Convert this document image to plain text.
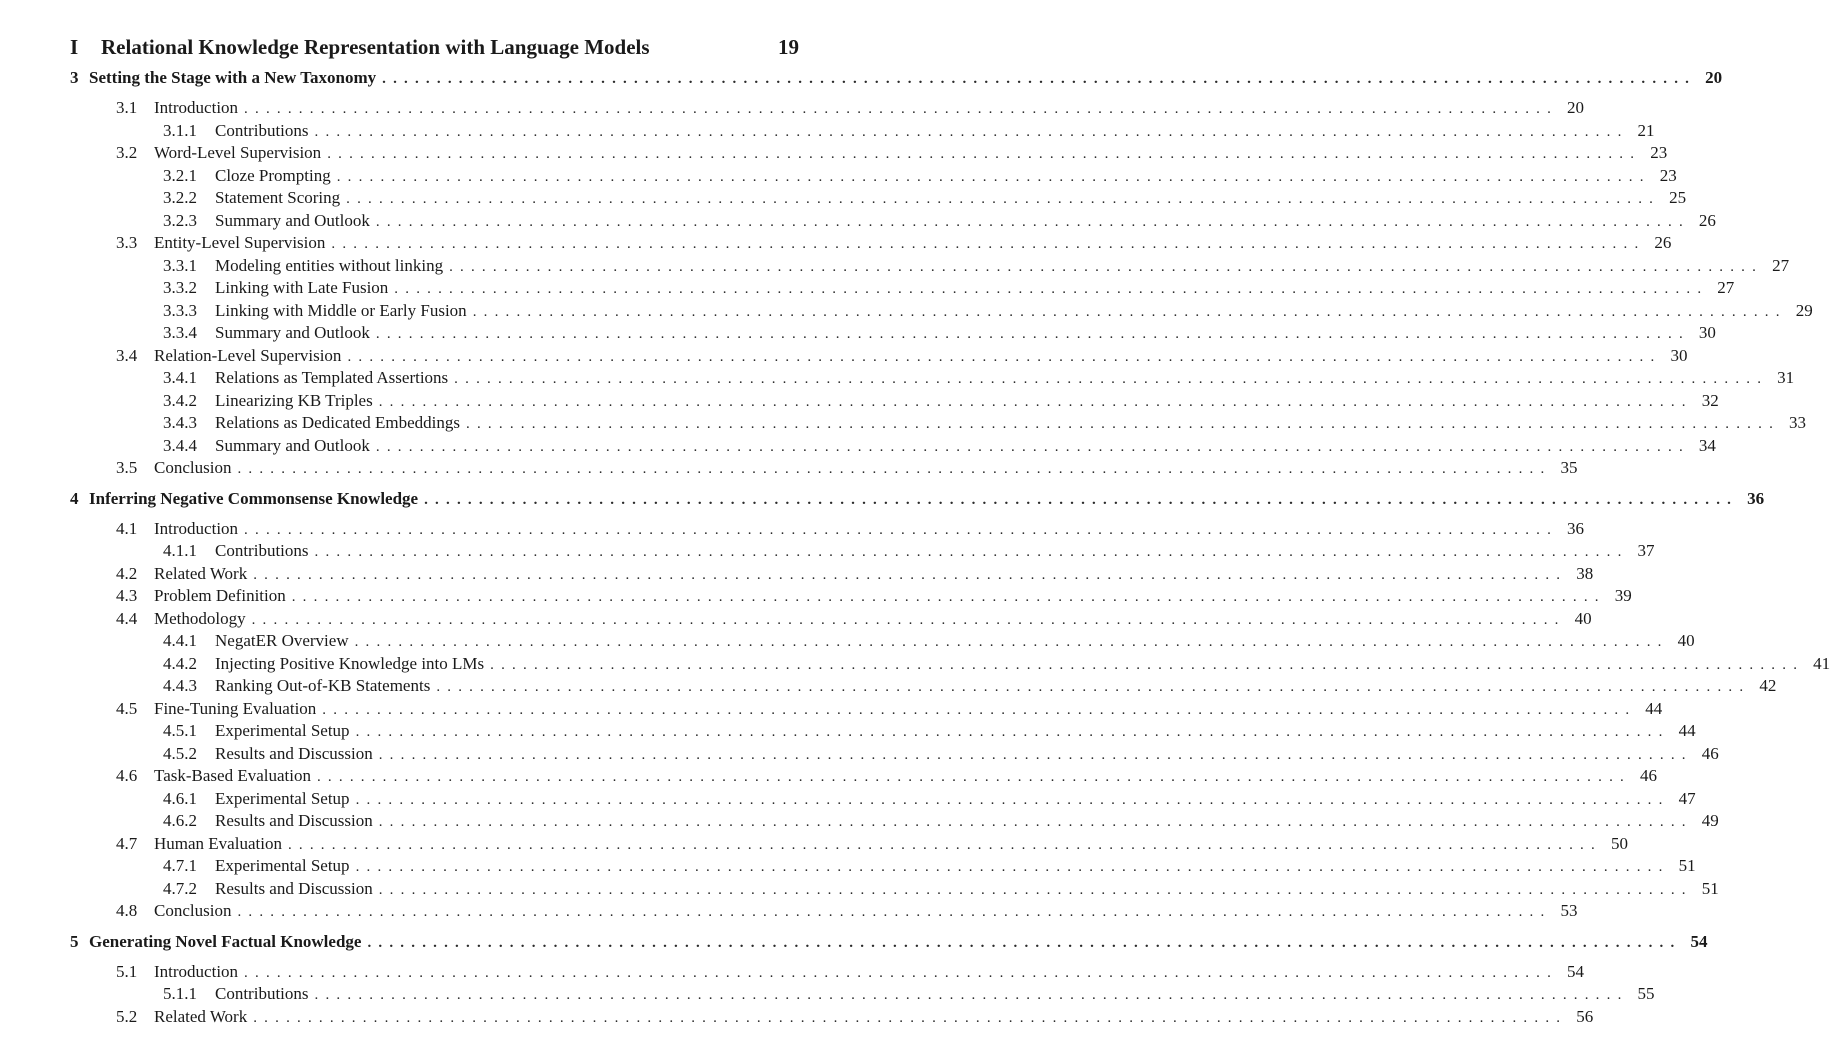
I Relational Knowledge Representation with Language Models	19
3 Setting the Stage with a New Taxonomy ........................................................................................................................ 20
3.1 Introduction ........................................................................................................................ 20
3.1.1	Contributions ........................................................................................................................ 21
3.2 Word-Level Supervision ........................................................................................................................ 23
3.2.1	Cloze Prompting ........................................................................................................................ 23
3.2.2	Statement Scoring ........................................................................................................................ 25
3.2.3	Summary and Outlook ........................................................................................................................ 26
3.3 Entity-Level Supervision ........................................................................................................................ 26
3.3.1	Modeling entities without linking ........................................................................................................................ 27
3.3.2	Linking with Late Fusion ........................................................................................................................ 27
3.3.3	Linking with Middle or Early Fusion ........................................................................................................................ 29
3.3.4	Summary and Outlook ........................................................................................................................ 30
3.4 Relation-Level Supervision ........................................................................................................................ 30
3.4.1	Relations as Templated Assertions ........................................................................................................................ 31
3.4.2	Linearizing KB Triples ........................................................................................................................ 32
3.4.3	Relations as Dedicated Embeddings ........................................................................................................................ 33
3.4.4	Summary and Outlook ........................................................................................................................ 34
3.5 Conclusion ........................................................................................................................ 35
4 Inferring Negative Commonsense Knowledge ........................................................................................................................ 36
4.1 Introduction ........................................................................................................................ 36
4.1.1	Contributions ........................................................................................................................ 37
4.2 Related Work ........................................................................................................................ 38
4.3 Problem Definition ........................................................................................................................ 39
4.4 Methodology ........................................................................................................................ 40
4.4.1	NegatER Overview ........................................................................................................................ 40
4.4.2	Injecting Positive Knowledge into LMs ........................................................................................................................ 41
4.4.3	Ranking Out-of-KB Statements ........................................................................................................................ 42
4.5 Fine-Tuning Evaluation ........................................................................................................................ 44
4.5.1	Experimental Setup ........................................................................................................................ 44
4.5.2	Results and Discussion ........................................................................................................................ 46
4.6 Task-Based Evaluation ........................................................................................................................ 46
4.6.1	Experimental Setup ........................................................................................................................ 47
4.6.2	Results and Discussion ........................................................................................................................ 49
4.7 Human Evaluation ........................................................................................................................ 50
4.7.1	Experimental Setup ........................................................................................................................ 51
4.7.2	Results and Discussion ........................................................................................................................ 51
4.8 Conclusion ........................................................................................................................ 53
5 Generating Novel Factual Knowledge ........................................................................................................................ 54
5.1 Introduction ........................................................................................................................ 54
5.1.1	Contributions ........................................................................................................................ 55
5.2 Related Work ........................................................................................................................ 56
